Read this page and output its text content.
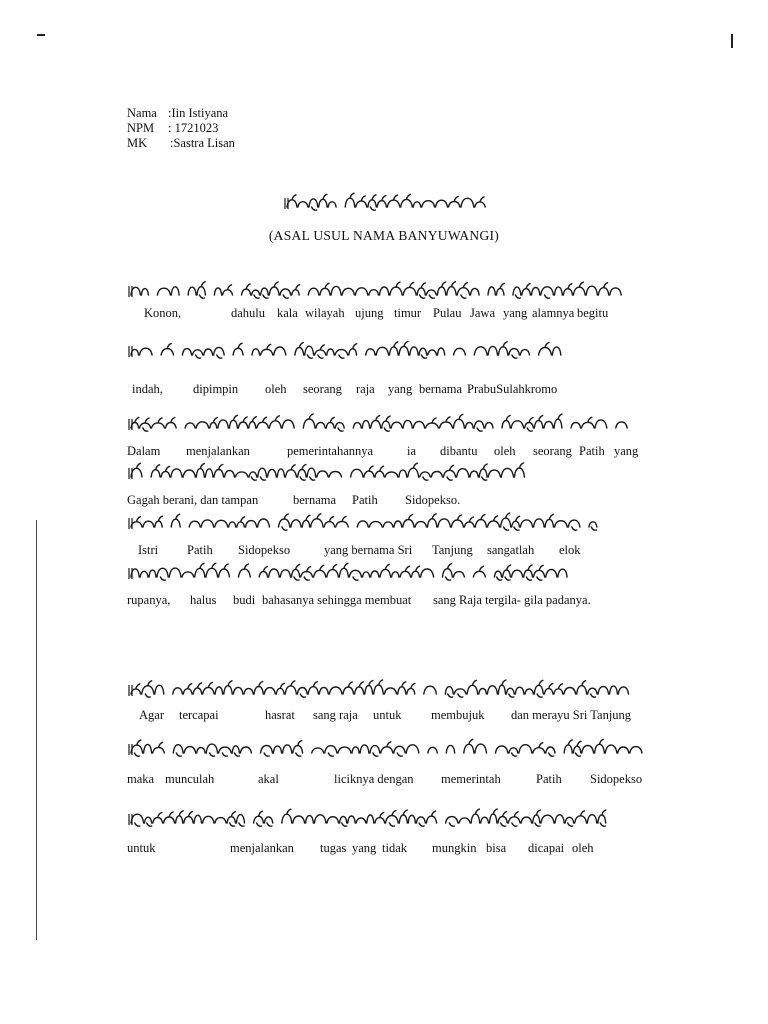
Nama :Iin Istiyana
NPM	: 1721023
MK	:Sastra Lisan
(ASAL USUL NAMA BANYUWANGI)
Konon,	dahulu kala wilayah ujung timur Pulau Jawa yang alamnya begitu
indah, dipimpin oleh seorang raja yang bernama PrabuSulahkromo
Dalam menjalankan	pemerintahannya	ia dibantu oleh seorang Patih yang
Gagah berani, dan tampan	bernama Patih Sidopekso.
Istri Patih Sidopekso	yang bernama Sri Tanjung sangatlah elok
rupanya, halus budi bahasanya sehingga membuat sang Raja tergila- gila padanya.
Agar tercapai	hasrat sang raja untuk membujuk dan merayu Sri Tanjung
maka munculah	akal	liciknya dengan memerintah	Patih Sidopekso
untuk	menjalankan tugas yang tidak mungkin bisa dicapai oleh
